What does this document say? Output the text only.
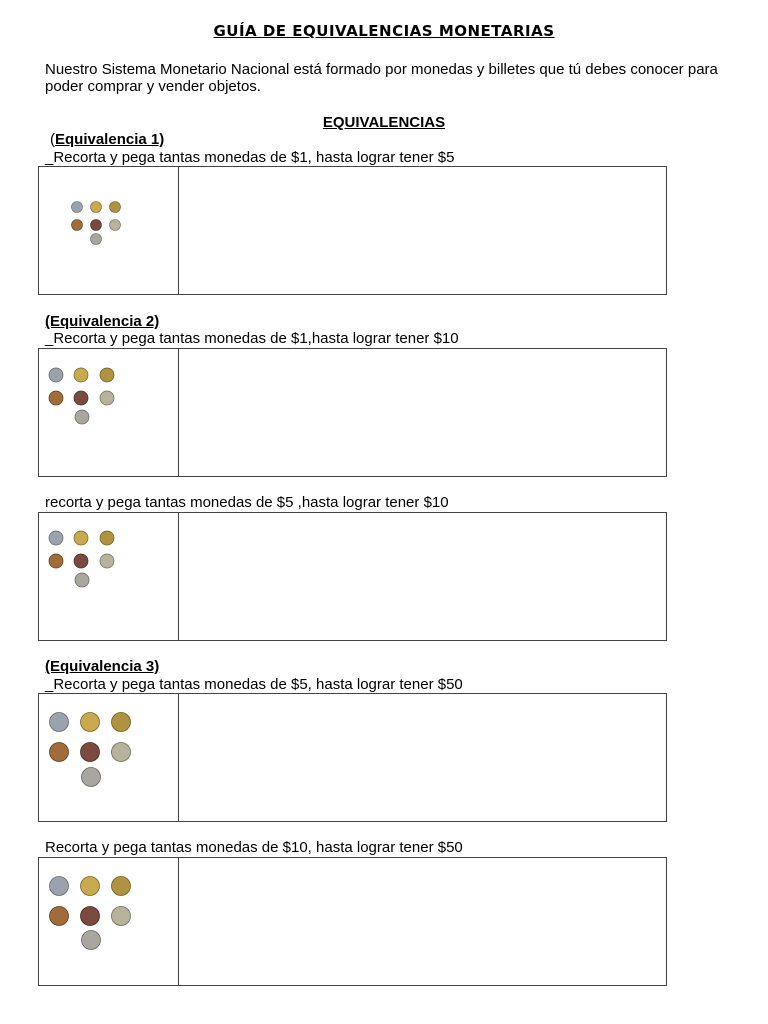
GUÍA DE EQUIVALENCIAS MONETARIAS
Nuestro Sistema Monetario Nacional está formado por monedas y billetes que tú debes conocer para poder comprar y vender objetos.
EQUIVALENCIAS
(Equivalencia 1)
_Recorta y pega tantas monedas de $1, hasta lograr tener $5
(Equivalencia 2)
_Recorta y pega tantas monedas de $1,hasta lograr tener $10
recorta y pega tantas monedas de $5 ,hasta lograr tener $10
(Equivalencia 3)
_Recorta y pega tantas monedas de $5, hasta lograr tener $50
Recorta y pega tantas monedas de $10, hasta lograr tener $50
